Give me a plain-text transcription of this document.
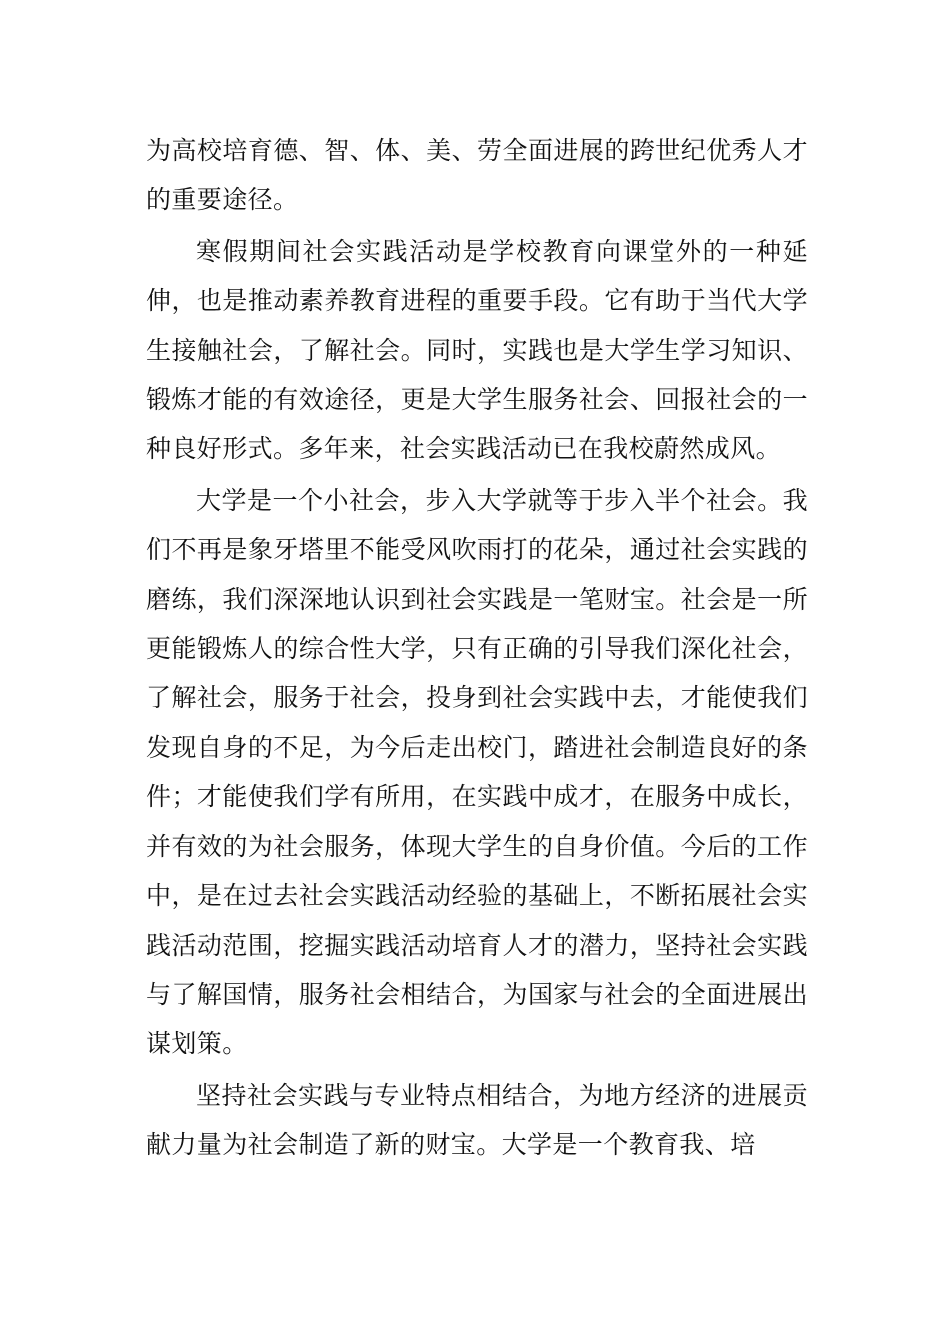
为高校培育德、智、体、美、劳全面进展的跨世纪优秀人才的重要途径。

寒假期间社会实践活动是学校教育向课堂外的一种延伸，也是推动素养教育进程的重要手段。它有助于当代大学生接触社会，了解社会。同时，实践也是大学生学习知识、锻炼才能的有效途径，更是大学生服务社会、回报社会的一种良好形式。多年来，社会实践活动已在我校蔚然成风。

大学是一个小社会，步入大学就等于步入半个社会。我们不再是象牙塔里不能受风吹雨打的花朵，通过社会实践的磨练，我们深深地认识到社会实践是一笔财宝。社会是一所更能锻炼人的综合性大学，只有正确的引导我们深化社会，了解社会，服务于社会，投身到社会实践中去，才能使我们发现自身的不足，为今后走出校门，踏进社会制造良好的条件；才能使我们学有所用，在实践中成才，在服务中成长，并有效的为社会服务，体现大学生的自身价值。今后的工作中，是在过去社会实践活动经验的基础上，不断拓展社会实践活动范围，挖掘实践活动培育人才的潜力，坚持社会实践与了解国情，服务社会相结合，为国家与社会的全面进展出谋划策。

坚持社会实践与专业特点相结合，为地方经济的进展贡献力量为社会制造了新的财宝。大学是一个教育我、培
